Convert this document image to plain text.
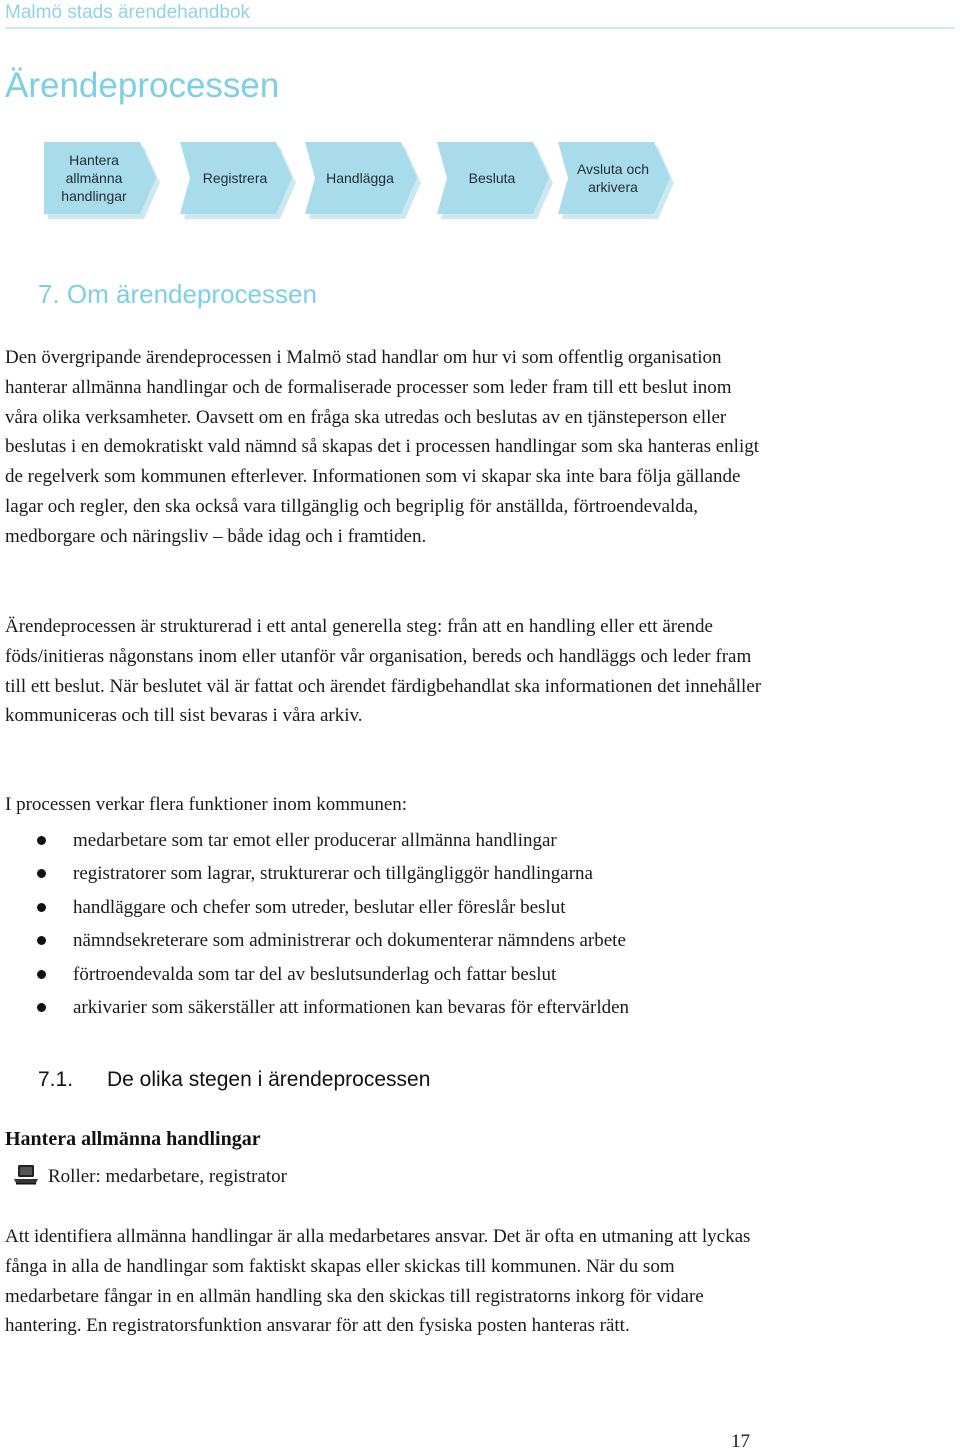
Malmö stads ärendehandbok
Ärendeprocessen
Hantera
allmänna
handlingar
Registrera	Handlägga	Besluta
Avsluta och
arkivera
7. Om ärendeprocessen

Den övergripande ärendeprocessen i Malmö stad handlar om hur vi som offentlig organisation hanterar allmänna handlingar och de formaliserade processer som leder fram till ett beslut inom våra olika verksamheter. Oavsett om en fråga ska utredas och beslutas av en tjänsteperson eller beslutas i en demokratiskt vald nämnd så skapas det i processen handlingar som ska hanteras enligt de regelverk som kommunen efterlever. Informationen som vi skapar ska inte bara följa gällande lagar och regler, den ska också vara tillgänglig och begriplig för anställda, förtroendevalda, medborgare och näringsliv – både idag och i framtiden.

Ärendeprocessen är strukturerad i ett antal generella steg: från att en handling eller ett ärende föds/initieras någonstans inom eller utanför vår organisation, bereds och handläggs och leder fram till ett beslut. När beslutet väl är fattat och ärendet färdigbehandlat ska informationen det innehåller kommuniceras och till sist bevaras i våra arkiv.

I processen verkar flera funktioner inom kommunen:

medarbetare som tar emot eller producerar allmänna handlingar
registratorer som lagrar, strukturerar och tillgängliggör handlingarna
handläggare och chefer som utreder, beslutar eller föreslår beslut
nämndsekreterare som administrerar och dokumenterar nämndens arbete
förtroendevalda som tar del av beslutsunderlag och fattar beslut
arkivarier som säkerställer att informationen kan bevaras för eftervärlden
7.1. De olika stegen i ärendeprocessen
Hantera allmänna handlingar
Roller: medarbetare, registrator

Att identifiera allmänna handlingar är alla medarbetares ansvar. Det är ofta en utmaning att lyckas fånga in alla de handlingar som faktiskt skapas eller skickas till kommunen. När du som medarbetare fångar in en allmän handling ska den skickas till registratorns inkorg för vidare hantering. En registratorsfunktion ansvarar för att den fysiska posten hanteras rätt.

17
